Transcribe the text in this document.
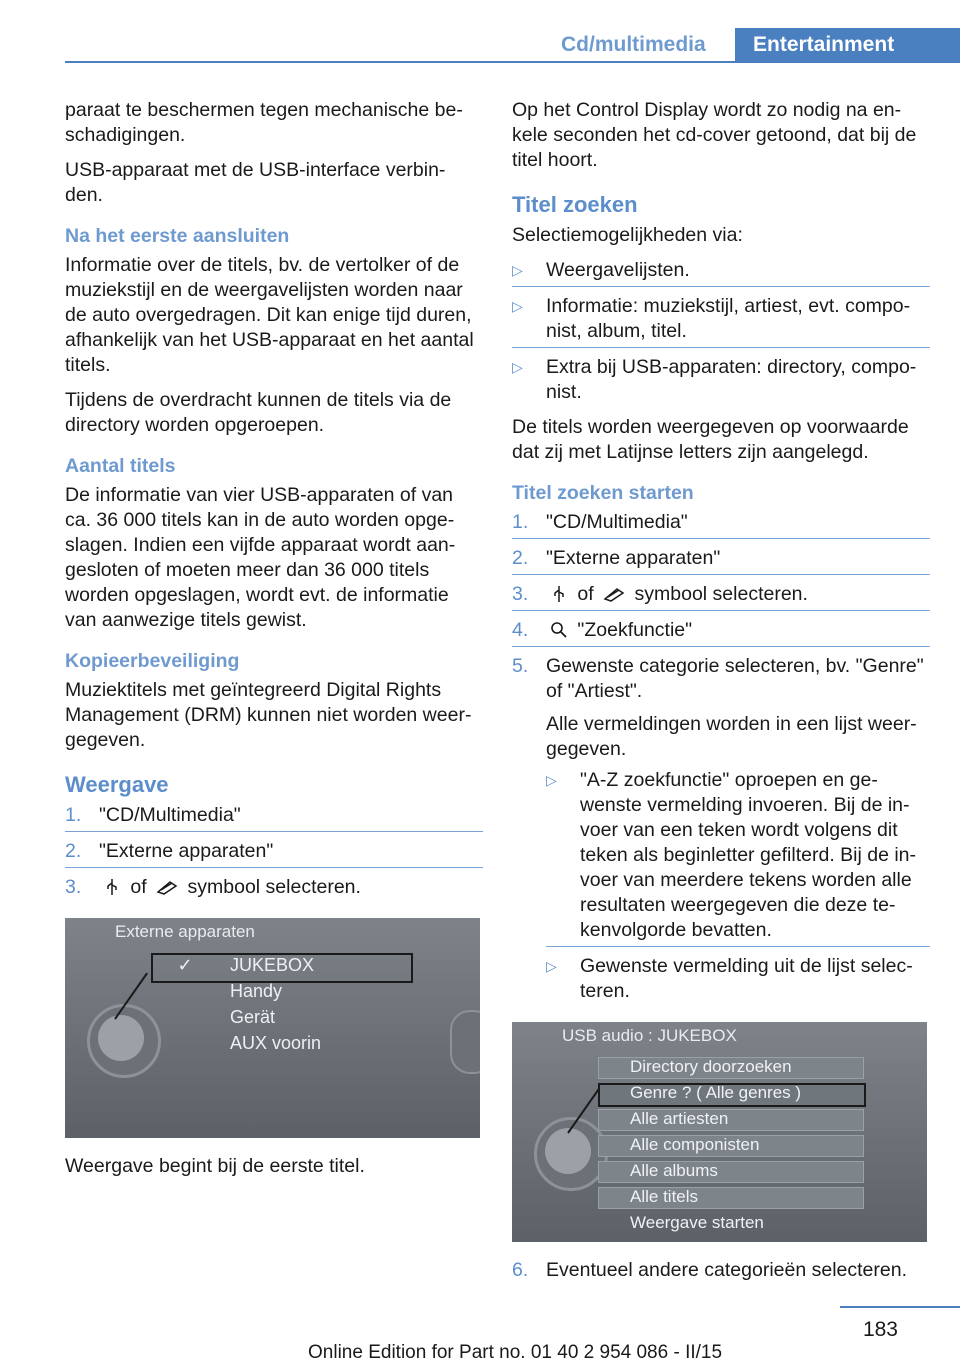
Cd/multimedia	Entertainment

paraat te beschermen tegen mechanische be-schadigingen.

USB-apparaat met de USB-interface verbin-den.

Na het eerste aansluiten

Informatie over de titels, bv. de vertolker of de muziekstijl en de weergavelijsten worden naar de auto overgedragen. Dit kan enige tijd duren, afhankelijk van het USB-apparaat en het aantal titels.

Tijdens de overdracht kunnen de titels via de directory worden opgeroepen.

Aantal titels

De informatie van vier USB-apparaten of van ca. 36 000 titels kan in de auto worden opge-slagen. Indien een vijfde apparaat wordt aan-gesloten of moeten meer dan 36 000 titels worden opgeslagen, wordt evt. de informatie van aanwezige titels gewist.

Kopieerbeveiliging

Muziektitels met geïntegreerd Digital Rights Management (DRM) kunnen niet worden weer-gegeven.

Weergave
1. "CD/Multimedia"
2. "Externe apparaten"
3.	of symbool selecteren.
Externe apparaten
✓ JUKEBOX
Handy
Gerät
AUX voorin

Weergave begint bij de eerste titel.

Op het Control Display wordt zo nodig na en-kele seconden het cd-cover getoond, dat bij de titel hoort.

Titel zoeken

Selectiemogelijkheden via:

▷ Weergavelijsten.
▷ Informatie: muziekstijl, artiest, evt. compo-nist, album, titel.
▷ Extra bij USB-apparaten: directory, compo-nist.

De titels worden weergegeven op voorwaarde dat zij met Latijnse letters zijn aangelegd.

Titel zoeken starten
1. "CD/Multimedia"
2. "Externe apparaten"
3.	of symbool selecteren.
4.	"Zoekfunctie"
5. Gewenste categorie selecteren, bv. "Genre" of "Artiest".
Alle vermeldingen worden in een lijst weer-gegeven.
▷ "A-Z zoekfunctie" oproepen en ge-wenste vermelding invoeren. Bij de in-voer van een teken wordt volgens dit teken als beginletter gefilterd. Bij de in-voer van meerdere tekens worden alle resultaten weergegeven die deze te-kenvolgorde bevatten.
▷ Gewenste vermelding uit de lijst selec-teren.
USB audio : JUKEBOX
Directory doorzoeken
Genre ? ( Alle genres )
Alle artiesten
Alle componisten
Alle albums
Alle titels
Weergave starten
6. Eventueel andere categorieën selecteren.
183
Online Edition for Part no. 01 40 2 954 086 - II/15
